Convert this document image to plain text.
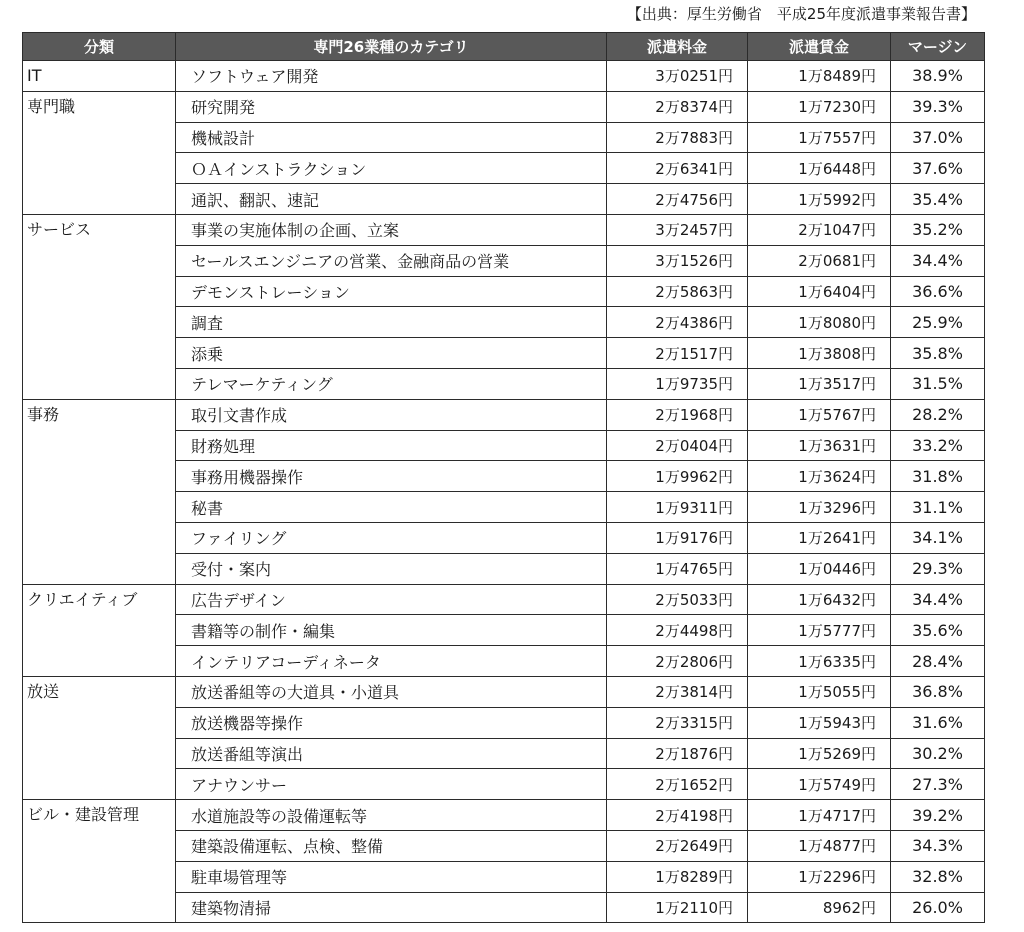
【出典：厚生労働省　平成25年度派遣事業報告書】
分類	専門26業種のカテゴリ	派遣料金	派遣賃金	マージン
IT	ソフトウェア開発	3万0251円	1万8489円	38.9%
専門職	研究開発	2万8374円	1万7230円	39.3%
	機械設計	2万7883円	1万7557円	37.0%
	ＯＡインストラクション	2万6341円	1万6448円	37.6%
	通訳、翻訳、速記	2万4756円	1万5992円	35.4%
サービス	事業の実施体制の企画、立案	3万2457円	2万1047円	35.2%
	セールスエンジニアの営業、金融商品の営業	3万1526円	2万0681円	34.4%
	デモンストレーション	2万5863円	1万6404円	36.6%
	調査	2万4386円	1万8080円	25.9%
	添乗	2万1517円	1万3808円	35.8%
	テレマーケティング	1万9735円	1万3517円	31.5%
事務	取引文書作成	2万1968円	1万5767円	28.2%
	財務処理	2万0404円	1万3631円	33.2%
	事務用機器操作	1万9962円	1万3624円	31.8%
	秘書	1万9311円	1万3296円	31.1%
	ファイリング	1万9176円	1万2641円	34.1%
	受付・案内	1万4765円	1万0446円	29.3%
クリエイティブ	広告デザイン	2万5033円	1万6432円	34.4%
	書籍等の制作・編集	2万4498円	1万5777円	35.6%
	インテリアコーディネータ	2万2806円	1万6335円	28.4%
放送	放送番組等の大道具・小道具	2万3814円	1万5055円	36.8%
	放送機器等操作	2万3315円	1万5943円	31.6%
	放送番組等演出	2万1876円	1万5269円	30.2%
	アナウンサー	2万1652円	1万5749円	27.3%
ビル・建設管理	水道施設等の設備運転等	2万4198円	1万4717円	39.2%
	建築設備運転、点検、整備	2万2649円	1万4877円	34.3%
	駐車場管理等	1万8289円	1万2296円	32.8%
	建築物清掃	1万2110円	8962円	26.0%
